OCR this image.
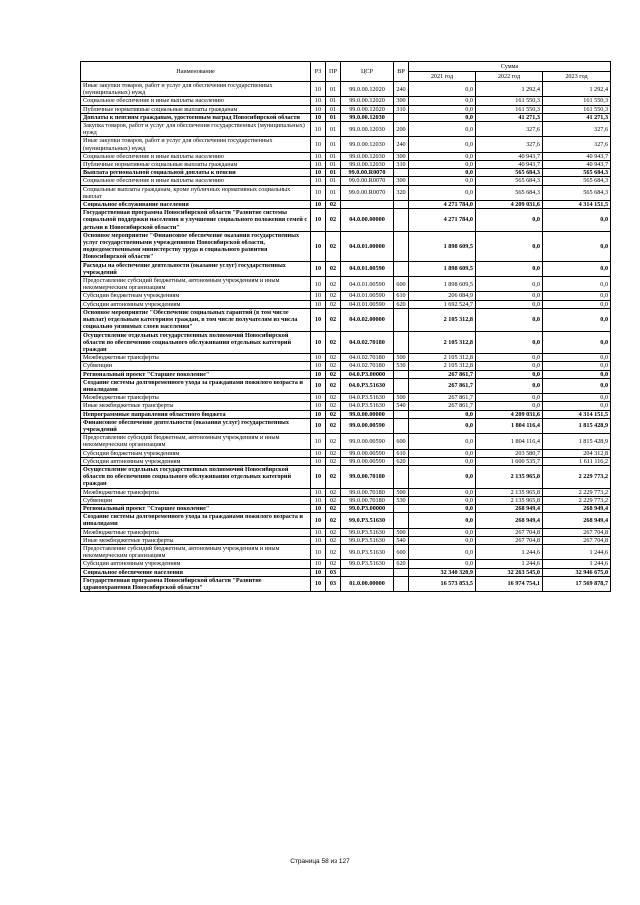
Наименование	РЗ	ПР	ЦСР	ВР	Сумма		
					2021 год	2022 год	2023 год
Иные закупки товаров, работ и услуг для обеспечения государственных (муниципальных) нужд	10	01	99.0.00.12020	240	0,0	1 292,4	1 292,4
Социальное обеспечение и иные выплаты населению	10	01	99.0.00.12020	300	0,0	161 550,3	161 550,3
Публичные нормативные социальные выплаты гражданам	10	01	99.0.00.12020	310	0,0	161 550,3	161 550,3
Доплаты к пенсиям гражданам, удостоенным наград Новосибирской области	10	01	99.0.00.12030		0,0	41 271,3	41 271,3
Закупка товаров, работ и услуг для обеспечения государственных (муниципальных) нужд	10	01	99.0.00.12030	200	0,0	327,6	327,6
Иные закупки товаров, работ и услуг для обеспечения государственных (муниципальных) нужд	10	01	99.0.00.12030	240	0,0	327,6	327,6
Социальное обеспечение и иные выплаты населению	10	01	99.0.00.12030	300	0,0	40 943,7	40 943,7
Публичные нормативные социальные выплаты гражданам	10	01	99.0.00.12030	310	0,0	40 943,7	40 943,7
Выплата региональной социальной доплаты к пенсии	10	01	99.0.00.R0070		0,0	565 684,3	565 684,3
Социальное обеспечение и иные выплаты населению	10	01	99.0.00.R0070	300	0,0	565 684,3	565 684,3
Социальные выплаты гражданам, кроме публичных нормативных социальных выплат	10	01	99.0.00.R0070	320	0,0	565 684,3	565 684,3
Социальное обслуживание населения	10	02			4 271 784,0	4 209 031,6	4 314 151,5
Государственная программа Новосибирской области "Развитие системы социальной поддержки населения и улучшение социального положения семей с детьми в Новосибирской области"	10	02	04.0.00.00000		4 271 784,0	0,0	0,0
Основное мероприятие "Финансовое обеспечение оказания государственных услуг государственными учреждениями Новосибирской области, подведомственными министерству труда и социального развития Новосибирской области"	10	02	04.0.01.00000		1 898 609,5	0,0	0,0
Расходы на обеспечение деятельности (оказание услуг) государственных учреждений	10	02	04.0.01.00590		1 898 609,5	0,0	0,0
Предоставление субсидий бюджетным, автономным учреждениям и иным некоммерческим организациям	10	02	04.0.01.00590	600	1 898 609,5	0,0	0,0
Субсидии бюджетным учреждениям	10	02	04.0.01.00590	610	206 084,9	0,0	0,0
Субсидии автономным учреждениям	10	02	04.0.01.00590	620	1 692 524,7	0,0	0,0
Основное мероприятие "Обеспечение социальных гарантий (в том числе выплат) отдельным категориям граждан, в том числе получателям из числа социально уязвимых слоев населения"	10	02	04.0.02.00000		2 105 312,8	0,0	0,0
Осуществление отдельных государственных полномочий Новосибирской области по обеспечению социального обслуживания отдельных категорий граждан	10	02	04.0.02.70180		2 105 312,8	0,0	0,0
Межбюджетные трансферты	10	02	04.0.02.70180	500	2 105 312,8	0,0	0,0
Субвенции	10	02	04.0.02.70180	530	2 105 312,8	0,0	0,0
Региональный проект "Старшее поколение"	10	02	04.0.P3.00000		267 861,7	0,0	0,0
Создание системы долговременного ухода за гражданами пожилого возраста и инвалидами	10	02	04.0.P3.51630		267 861,7	0,0	0,0
Межбюджетные трансферты	10	02	04.0.P3.51630	500	267 861,7	0,0	0,0
Иные межбюджетные трансферты	10	02	04.0.P3.51630	540	267 861,7	0,0	0,0
Непрограммные направления областного бюджета	10	02	99.0.00.00000		0,0	4 209 031,6	4 314 151,5
Финансовое обеспечение деятельности (оказания услуг) государственных учреждений	10	02	99.0.00.00590		0,0	1 804 116,4	1 815 428,9
Предоставление субсидий бюджетным, автономным учреждениям и иным некоммерческим организациям	10	02	99.0.00.00590	600	0,0	1 804 116,4	1 815 428,9
Субсидии бюджетным учреждениям	10	02	99.0.00.00590	610	0,0	203 580,7	204 312,8
Субсидии автономным учреждениям	10	02	99.0.00.00590	620	0,0	1 600 535,7	1 611 116,2
Осуществление отдельных государственных полномочий Новосибирской области по обеспечению социального обслуживания отдельных категорий граждан	10	02	99.0.00.70180		0,0	2 135 965,8	2 229 773,2
Межбюджетные трансферты	10	02	99.0.00.70180	500	0,0	2 135 965,8	2 229 773,2
Субвенции	10	02	99.0.00.70180	530	0,0	2 135 965,8	2 229 773,2
Региональный проект "Старшее поколение"	10	02	99.0.P3.00000		0,0	268 949,4	268 949,4
Создание системы долговременного ухода за гражданами пожилого возраста и инвалидами	10	02	99.0.P3.51630		0,0	268 949,4	268 949,4
Межбюджетные трансферты	10	02	99.0.P3.51630	500	0,0	267 704,8	267 704,8
Иные межбюджетные трансферты	10	02	99.0.P3.51630	540	0,0	267 704,8	267 704,8
Предоставление субсидий бюджетным, автономным учреждениям и иным некоммерческим организациям	10	02	99.0.P3.51630	600	0,0	1 244,6	1 244,6
Субсидии автономным учреждениям	10	02	99.0.P3.51630	620	0,0	1 244,6	1 244,6
Социальное обеспечение населения	10	03			32 340 320,9	32 263 545,0	32 946 675,0
Государственная программа Новосибирской области "Развитие здравоохранения Новосибирской области"	10	03	01.0.00.00000		16 573 853,5	16 974 754,1	17 569 878,7
Страница 58 из 127
